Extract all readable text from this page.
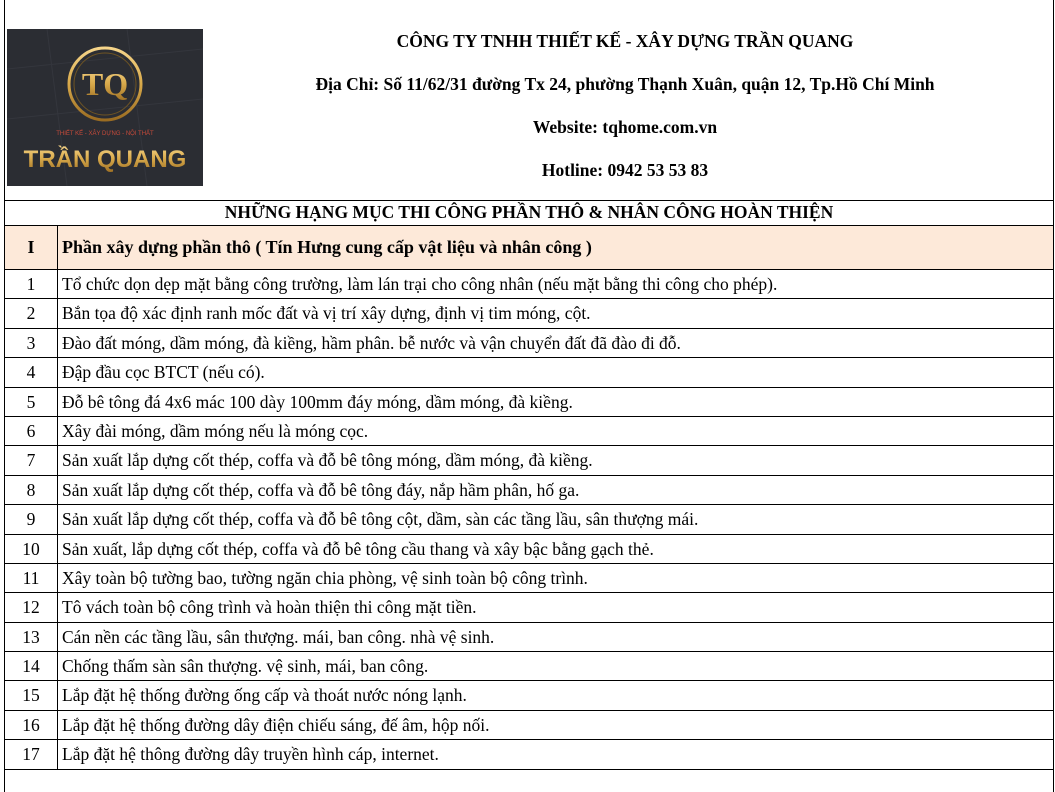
TQ
THIẾT KẾ - XÂY DỰNG - NỘI THẤT
TRẦN QUANG
CÔNG TY TNHH THIẾT KẾ - XÂY DỰNG TRẦN QUANG
Địa Chỉ: Số 11/62/31 đường Tx 24, phường Thạnh Xuân, quận 12, Tp.Hồ Chí Minh
Website: tqhome.com.vn
Hotline: 0942 53 53 83
NHỮNG HẠNG MỤC THI CÔNG PHẦN THÔ & NHÂN CÔNG HOÀN THIỆN
I	Phần xây dựng phần thô ( Tín Hưng cung cấp vật liệu và nhân công )
1	Tổ chức dọn dẹp mặt bằng công trường, làm lán trại cho công nhân (nếu mặt bằng thi công cho phép).
2	Bắn tọa độ xác định ranh mốc đất và vị trí xây dựng, định vị tim móng, cột.
3	Đào đất móng, dầm móng, đà kiềng, hầm phân. bễ nước và vận chuyển đất đã đào đi đỗ.
4	Đập đầu cọc BTCT (nếu có).
5	Đỗ bê tông đá 4x6 mác 100 dày 100mm đáy móng, dầm móng, đà kiềng.
6	Xây đài móng, dầm móng nếu là móng cọc.
7	Sản xuất lắp dựng cốt thép, coffa và đỗ bê tông móng, dầm móng, đà kiềng.
8	Sản xuất lắp dựng cốt thép, coffa và đỗ bê tông đáy, nắp hầm phân, hố ga.
9	Sản xuất lắp dựng cốt thép, coffa và đỗ bê tông cột, dầm, sàn các tầng lầu, sân thượng mái.
10	Sản xuất, lắp dựng cốt thép, coffa và đỗ bê tông cầu thang và xây bậc bằng gạch thẻ.
11	Xây toàn bộ tường bao, tường ngăn chia phòng, vệ sinh toàn bộ công trình.
12	Tô vách toàn bộ công trình và hoàn thiện thi công mặt tiền.
13	Cán nền các tầng lầu, sân thượng. mái, ban công. nhà vệ sinh.
14	Chống thấm sàn sân thượng. vệ sinh, mái, ban công.
15	Lắp đặt hệ thống đường ống cấp và thoát nước nóng lạnh.
16	Lắp đặt hệ thống đường dây điện chiếu sáng, đế âm, hộp nối.
17	Lắp đặt hệ thông đường dây truyền hình cáp, internet.
